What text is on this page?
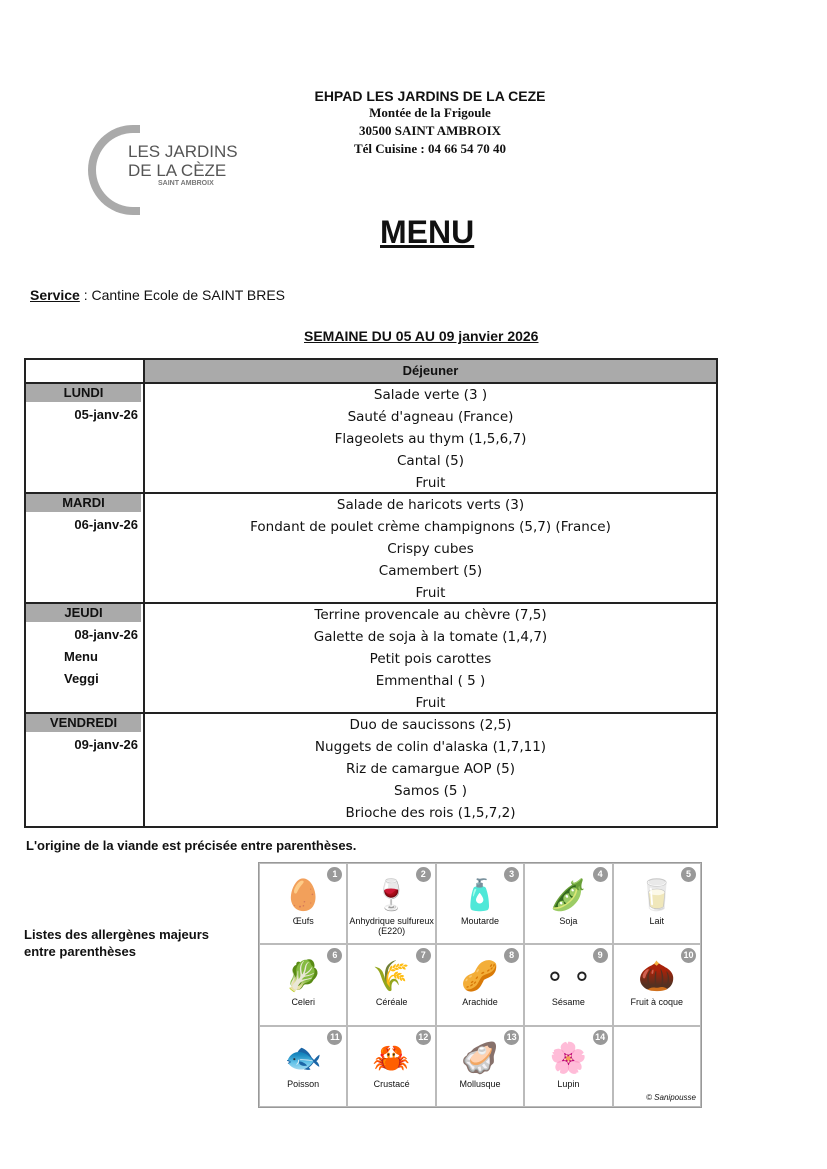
LES JARDINS
DE LA CÈZE
SAINT AMBROIX
EHPAD LES JARDINS DE LA CEZE
Montée de la Frigoule
30500 SAINT AMBROIX
Tél Cuisine : 04 66 54 70 40
MENU
Service : Cantine Ecole de SAINT BRES
SEMAINE DU 05 AU 09 janvier 2026
Déjeuner
LUNDI
05-janv-26
Salade verte (3 )
Sauté d'agneau (France)
Flageolets au thym (1,5,6,7)
Cantal (5)
Fruit
MARDI
06-janv-26
Salade de haricots verts (3)
Fondant de poulet crème champignons (5,7) (France)
Crispy cubes
Camembert (5)
Fruit
JEUDI
08-janv-26
Menu
Veggi
Terrine provencale au chèvre (7,5)
Galette de soja à la tomate (1,4,7)
Petit pois carottes
Emmenthal ( 5 )
Fruit
VENDREDI
09-janv-26
Duo de saucissons (2,5)
Nuggets de colin d'alaska (1,7,11)
Riz de camargue AOP (5)
Samos (5 )
Brioche des rois (1,5,7,2)
L'origine de la viande est précisée entre parenthèses.
Listes des allergènes majeurs
entre parenthèses
1
🥚
Œufs
2
🍷
Anhydrique sulfureux (E220)
3
🧴
Moutarde
4
🫛
Soja
5
🥛
Lait
6
🥬
Celeri
7
🌾
Céréale
8
🥜
Arachide
9
∘ ∘
Sésame
10
🌰
Fruit à coque
11
🐟
Poisson
12
🦀
Crustacé
13
🦪
Mollusque
14
🌸
Lupin
© Sanipousse
